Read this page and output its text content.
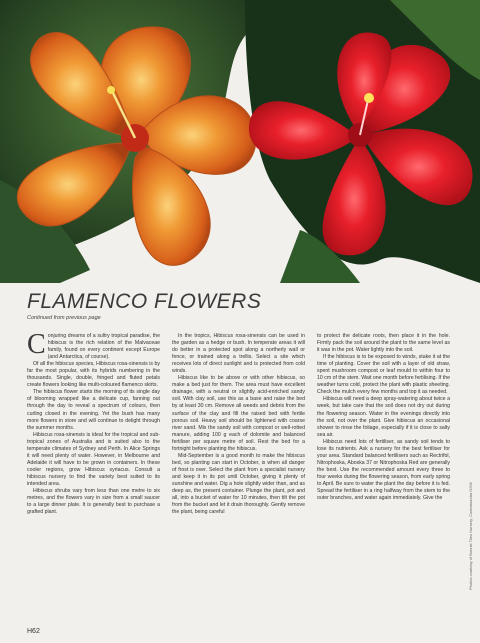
FLAMENCO FLOWERS
Continued from previous page
C onjuring dreams of a sultry tropical paradise, the hibiscus is the rich relation of the Malvaceae family, found on every continent except Europe (and Antarctica, of course).

Of all the hibiscus species, Hibiscus rosa-sinensis is by far the most popular, with its hybrids numbering in the thousands. Single, double, fringed and fluted petals create flowers looking like multi-coloured flamenco skirts.

The hibiscus flower starts the morning of its single day of blooming wrapped like a delicate cup, fanning out through the day to reveal a spectrum of colours, then curling closed in the evening. Yet the bush has many more flowers in store and will continue to delight through the summer months.

Hibiscus rosa-sinensis is ideal for the tropical and sub-tropical zones of Australia and is suited also to the temperate climates of Sydney and Perth. In Alice Springs it will need plenty of water. However, in Melbourne and Adelaide it will have to be grown in containers. In these cooler regions, grow Hibiscus syriacus. Consult a hibiscus nursery to find the variety best suited to its intended area.

Hibiscus shrubs vary from less than one metre to six metres, and the flowers vary in size from a small saucer to a large dinner plate. It is generally best to purchase a grafted plant.

In the tropics, Hibiscus rosa-sinensis can be used in the garden as a hedge or bush. In temperate areas it will do better in a protected spot along a northerly wall or fence, or trained along a trellis. Select a site which receives lots of direct sunlight and is protected from cold winds.

Hibiscus like to be above or with other hibiscus, so make a bed just for them. The area must have excellent drainage, with a neutral or slightly acid-enriched sandy soil. With clay soil, use this as a base and raise the bed by at least 30 cm. Remove all weeds and debris from the surface of the clay and fill the raised bed with fertile porous soil. Heavy soil should be lightened with coarse river sand. Mix the sandy soil with compost or well-rotted manure, adding 100 g each of dolomite and balanced fertiliser per square metre of soil. Rest the bed for a fortnight before planting the hibiscus.

Mid-September is a good month to make the hibiscus bed, so planting can start in October, is when all danger of frost is over. Select the plant from a specialist nursery and keep it in its pot until October, giving it plenty of sunshine and water. Dig a hole slightly wider than, and as deep as, the present container. Plunge the plant, pot and all, into a bucket of water for 10 minutes, then tilt the pot from the bucket and let it drain thoroughly. Gently remove the plant, being careful

to protect the delicate roots, then place it in the hole. Firmly pack the soil around the plant to the same level as it was in the pot. Water lightly into the soil.

If the hibiscus is to be exposed to winds, stake it at the time of planting. Cover the soil with a layer of old straw, spent mushroom compost or leaf mould to within four to 10 cm of the stem. Wait one month before fertilising. If the weather turns cold, protect the plant with plastic sheeting. Check the mulch every few months and top it as needed.

Hibiscus will need a deep spray-watering about twice a week, but take care that the soil does not dry out during the flowering season. Water in the evenings directly into the soil, not over the plant. Give hibiscus an occasional shower to rinse the foliage, especially if it is close to salty sea air.

Hibiscus need lots of fertiliser, as sandy soil tends to lose its nutrients. Ask a nursery for the best fertiliser for your area. Standard balanced fertilisers such as Rectrifol, Nitrophoska, Aboska 37 or Nitrophoska Red are generally the best. Use the recommended amount every three to four weeks during the flowering season, from early spring to April. Be sure to water the plant the day before it is fed. Spread the fertiliser in a ring halfway from the stem to the outer branches, and water again immediately. Give the

H62
Photos courtesy of Bonnie Tiles Nursery, Cootamundra NSW
